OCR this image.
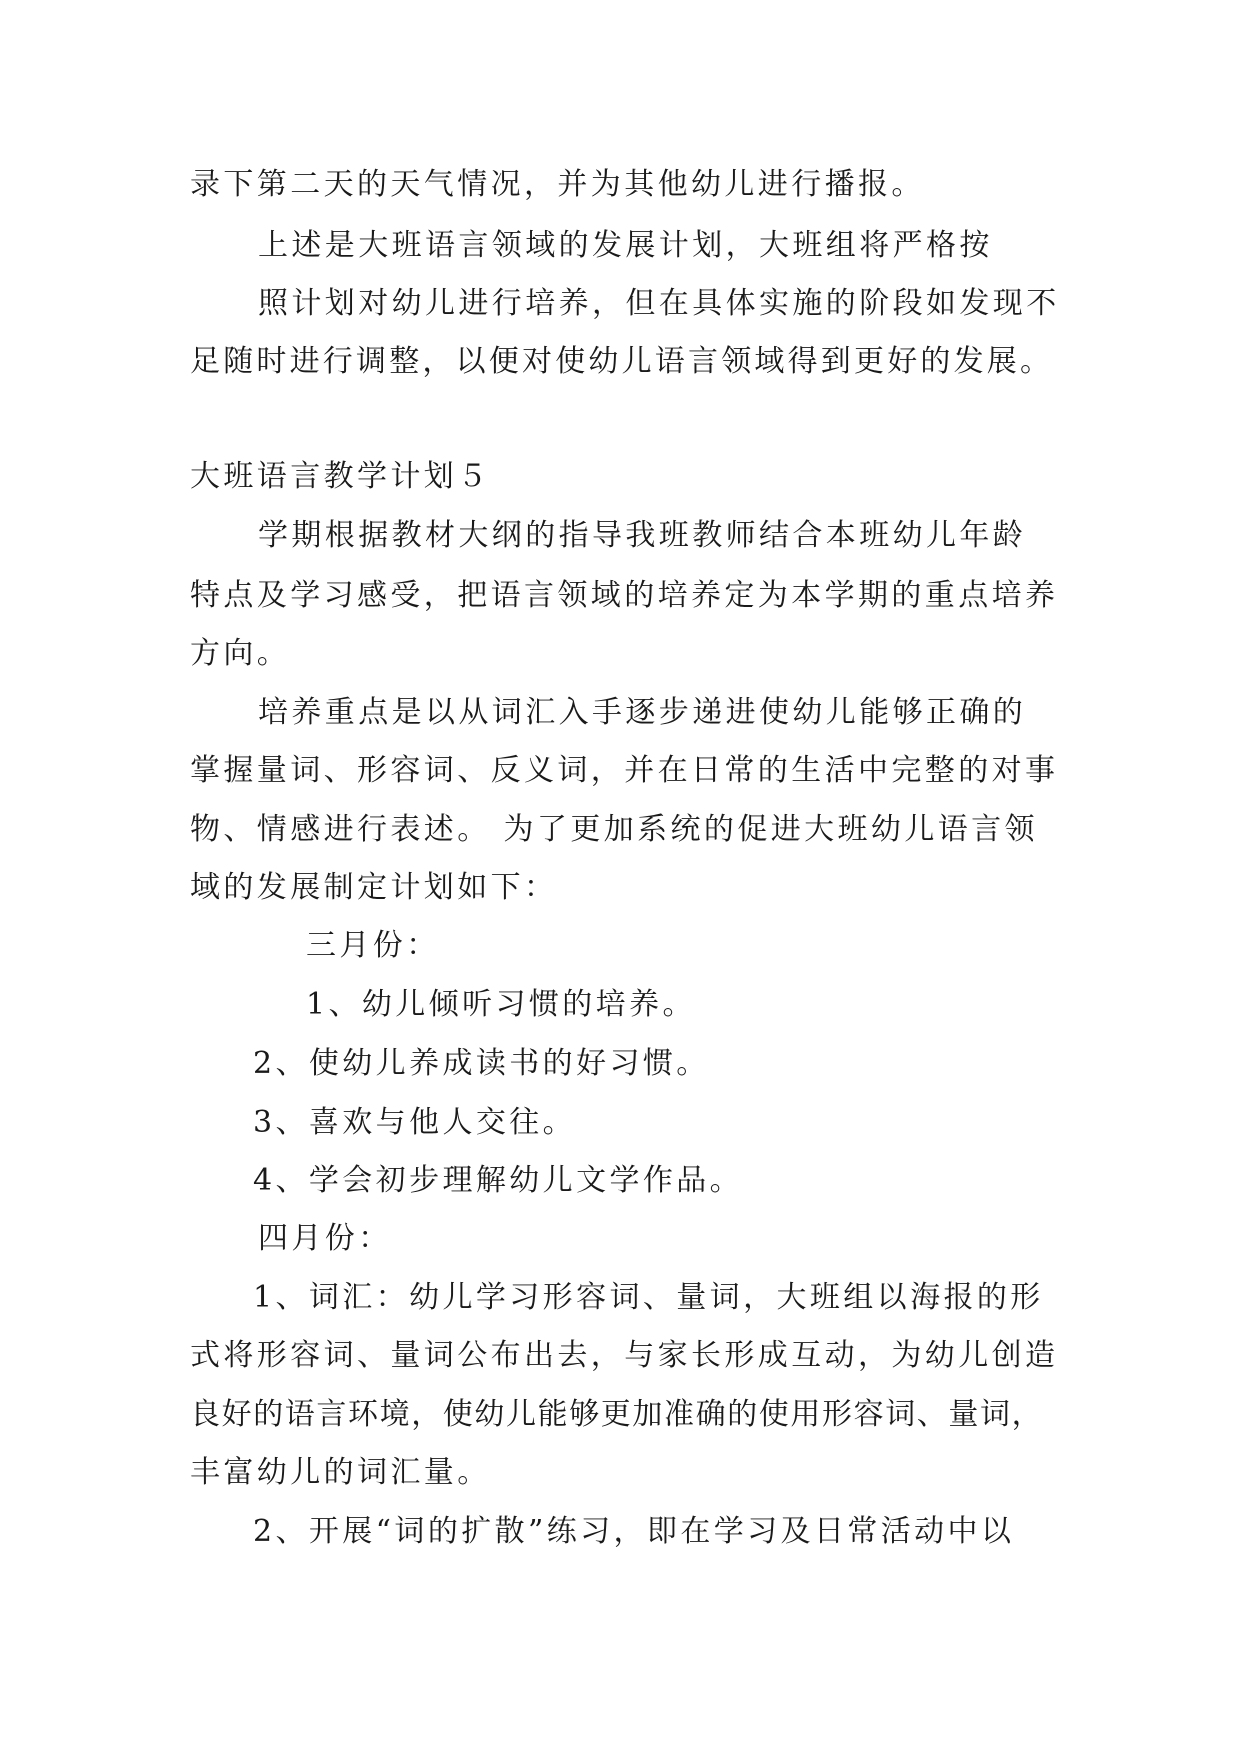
录下第二天的天气情况，并为其他幼儿进行播报。

上述是大班语言领域的发展计划，大班组将严格按

照计划对幼儿进行培养，但在具体实施的阶段如发现不

足随时进行调整，以便对使幼儿语言领域得到更好的发展。

大班语言教学计划５

学期根据教材大纲的指导我班教师结合本班幼儿年龄

特点及学习感受，把语言领域的培养定为本学期的重点培养

方向。

培养重点是以从词汇入手逐步递进使幼儿能够正确的

掌握量词、形容词、反义词，并在日常的生活中完整的对事

物、情感进行表述。 为了更加系统的促进大班幼儿语言领

域的发展制定计划如下：

三月份：

1、幼儿倾听习惯的培养。

2、使幼儿养成读书的好习惯。

3、喜欢与他人交往。

4、学会初步理解幼儿文学作品。

四月份：

1、词汇：幼儿学习形容词、量词，大班组以海报的形

式将形容词、量词公布出去，与家长形成互动，为幼儿创造

良好的语言环境，使幼儿能够更加准确的使用形容词、量词，

丰富幼儿的词汇量。

2、开展“词的扩散”练习，即在学习及日常活动中以
